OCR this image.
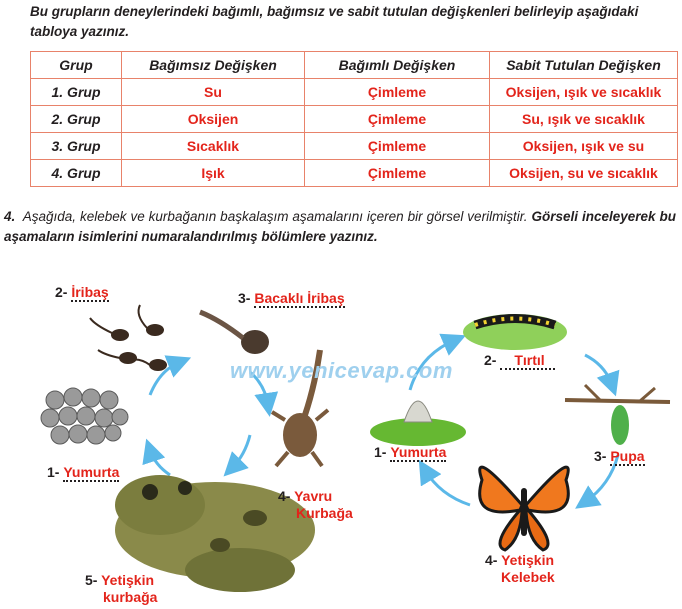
Bu grupların deneylerindeki bağımlı, bağımsız ve sabit tutulan değişkenleri belirleyip aşağıdaki tabloya yazınız.

Grup	Bağımsız Değişken	Bağımlı Değişken	Sabit Tutulan Değişken
1. Grup	Su	Çimleme	Oksijen, ışık ve sıcaklık
2. Grup	Oksijen	Çimleme	Su, ışık ve sıcaklık
3. Grup	Sıcaklık	Çimleme	Oksijen, ışık ve su
4. Grup	Işık	Çimleme	Oksijen, su ve sıcaklık

4. Aşağıda, kelebek ve kurbağanın başkalaşım aşamalarını içeren bir görsel verilmiştir. Görseli inceleyerek bu aşamaların isimlerini numaralandırılmış bölümlere yazınız.

www.yenicevap.com
2- İribaş	3- Bacaklı İribaş
1- Yumurta
4- Yavru
Kurbağa
5- Yetişkin
kurbağa
1- Yumurta
2- Tırtıl
3- Pupa
4- Yetişkin
Kelebek
